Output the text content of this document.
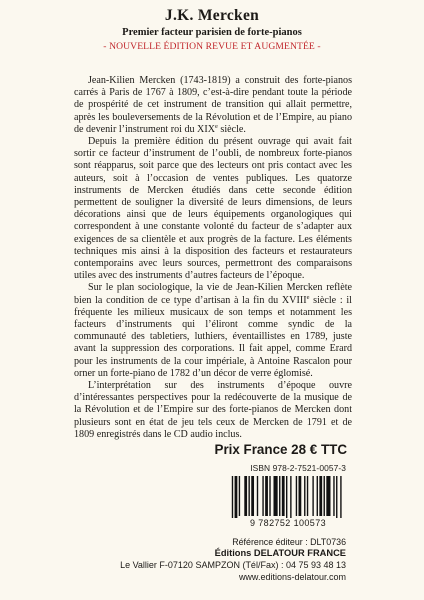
J.K. Mercken
Premier facteur parisien de forte-pianos
- NOUVELLE ÉDITION REVUE ET AUGMENTÉE -

Jean-Kilien Mercken (1743-1819) a construit des forte-pianos carrés à Paris de 1767 à 1809, c’est-à-dire pendant toute la période de prospérité de cet instrument de transition qui allait permettre, après les bouleversements de la Révolution et de l’Empire, au piano de devenir l’instrument roi du XIXe siècle.

Depuis la première édition du présent ouvrage qui avait fait sortir ce facteur d’instrument de l’oubli, de nombreux forte-pianos sont réapparus, soit parce que des lecteurs ont pris contact avec les auteurs, soit à l’occasion de ventes publiques. Les quatorze instruments de Mercken étudiés dans cette seconde édition permettent de souligner la diversité de leurs dimensions, de leurs décorations ainsi que de leurs équipements organologiques qui correspondent à une constante volonté du facteur de s’adapter aux exigences de sa clientèle et aux progrès de la facture. Les éléments techniques mis ainsi à la disposition des facteurs et restaurateurs contemporains avec leurs sources, permettront des comparaisons utiles avec des instruments d’autres facteurs de l’époque.

Sur le plan sociologique, la vie de Jean-Kilien Mercken reflète bien la condition de ce type d’artisan à la fin du XVIIIe siècle : il fréquente les milieux musicaux de son temps et notamment les facteurs d’instruments qui l’éliront comme syndic de la communauté des tabletiers, luthiers, éventaillistes en 1789, juste avant la suppression des corporations. Il fait appel, comme Erard pour les instruments de la cour impériale, à Antoine Rascalon pour orner un forte-piano de 1782 d’un décor de verre églomisé.

L’interprétation sur des instruments d’époque ouvre d’intéressantes perspectives pour la redécouverte de la musique de la Révolution et de l’Empire sur des forte-pianos de Mercken dont plusieurs sont en état de jeu tels ceux de Mercken de 1791 et de 1809 enregistrés dans le CD audio inclus.

Prix France 28 € TTC
ISBN 978-2-7521-0057-3
9 782752 100573
Référence éditeur : DLT0736
Éditions DELATOUR FRANCE
Le Vallier F-07120 SAMPZON (Tél/Fax) : 04 75 93 48 13
www.editions-delatour.com
